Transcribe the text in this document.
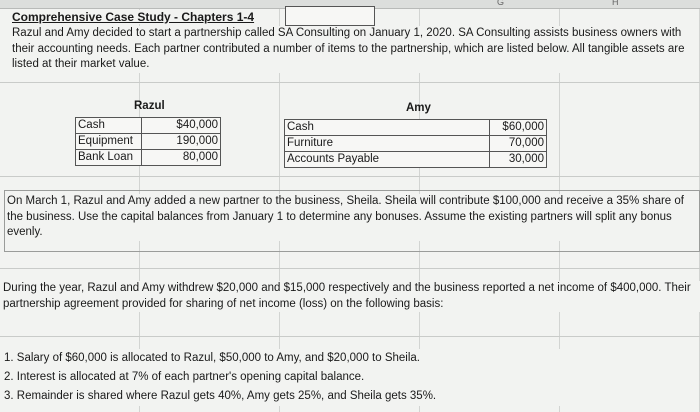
G	H
Comprehensive Case Study - Chapters 1-4
Razul and Amy decided to start a partnership called SA Consulting on January 1, 2020. SA Consulting assists business owners with their accounting needs. Each partner contributed a number of items to the partnership, which are listed below. All tangible assets are listed at their market value.
Razul	Amy
Cash	$40,000
Equipment	190,000
Bank Loan	80,000
Cash	$60,000
Furniture	70,000
Accounts Payable	30,000
On March 1, Razul and Amy added a new partner to the business, Sheila. Sheila will contribute $100,000 and receive a 35% share of the business. Use the capital balances from January 1 to determine any bonuses. Assume the existing partners will split any bonus evenly.
During the year, Razul and Amy withdrew $20,000 and $15,000 respectively and the business reported a net income of $400,000. Their partnership agreement provided for sharing of net income (loss) on the following basis:
1. Salary of $60,000 is allocated to Razul, $50,000 to Amy, and $20,000 to Sheila.
2. Interest is allocated at 7% of each partner's opening capital balance.
3. Remainder is shared where Razul gets 40%, Amy gets 25%, and Sheila gets 35%.
